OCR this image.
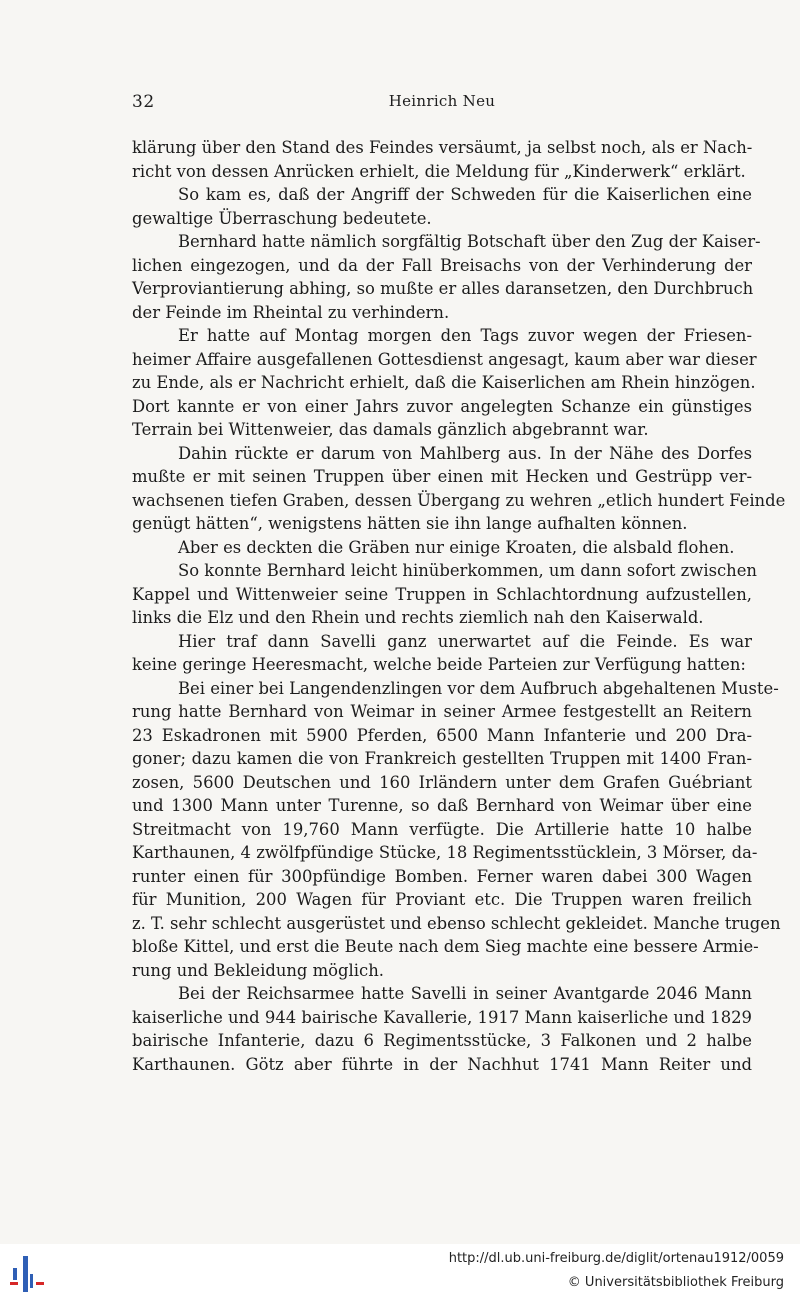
32	Heinrich Neu
klärung über den Stand des Feindes versäumt, ja selbst noch, als er Nach-
richt von dessen Anrücken erhielt, die Meldung für „Kinderwerk“ erklärt.
So kam es, daß der Angriff der Schweden für die Kaiserlichen eine
gewaltige Überraschung bedeutete.
Bernhard hatte nämlich sorgfältig Botschaft über den Zug der Kaiser-
lichen eingezogen, und da der Fall Breisachs von der Verhinderung der
Verproviantierung abhing, so mußte er alles daransetzen, den Durchbruch
der Feinde im Rheintal zu verhindern.
Er hatte auf Montag morgen den Tags zuvor wegen der Friesen-
heimer Affaire ausgefallenen Gottesdienst angesagt, kaum aber war dieser
zu Ende, als er Nachricht erhielt, daß die Kaiserlichen am Rhein hinzögen.
Dort kannte er von einer Jahrs zuvor angelegten Schanze ein günstiges
Terrain bei Wittenweier, das damals gänzlich abgebrannt war.
Dahin rückte er darum von Mahlberg aus. In der Nähe des Dorfes
mußte er mit seinen Truppen über einen mit Hecken und Gestrüpp ver-
wachsenen tiefen Graben, dessen Übergang zu wehren „etlich hundert Feinde
genügt hätten“, wenigstens hätten sie ihn lange aufhalten können.
Aber es deckten die Gräben nur einige Kroaten, die alsbald flohen.
So konnte Bernhard leicht hinüberkommen, um dann sofort zwischen
Kappel und Wittenweier seine Truppen in Schlachtordnung aufzustellen,
links die Elz und den Rhein und rechts ziemlich nah den Kaiserwald.
Hier traf dann Savelli ganz unerwartet auf die Feinde. Es war
keine geringe Heeresmacht, welche beide Parteien zur Verfügung hatten:
Bei einer bei Langendenzlingen vor dem Aufbruch abgehaltenen Muste-
rung hatte Bernhard von Weimar in seiner Armee festgestellt an Reitern
23 Eskadronen mit 5900 Pferden, 6500 Mann Infanterie und 200 Dra-
goner; dazu kamen die von Frankreich gestellten Truppen mit 1400 Fran-
zosen, 5600 Deutschen und 160 Irländern unter dem Grafen Guébriant
und 1300 Mann unter Turenne, so daß Bernhard von Weimar über eine
Streitmacht von 19,760 Mann verfügte. Die Artillerie hatte 10 halbe
Karthaunen, 4 zwölfpfündige Stücke, 18 Regimentsstücklein, 3 Mörser, da-
runter einen für 300pfündige Bomben. Ferner waren dabei 300 Wagen
für Munition, 200 Wagen für Proviant etc. Die Truppen waren freilich
z. T. sehr schlecht ausgerüstet und ebenso schlecht gekleidet. Manche trugen
bloße Kittel, und erst die Beute nach dem Sieg machte eine bessere Armie-
rung und Bekleidung möglich.
Bei der Reichsarmee hatte Savelli in seiner Avantgarde 2046 Mann
kaiserliche und 944 bairische Kavallerie, 1917 Mann kaiserliche und 1829
bairische Infanterie, dazu 6 Regimentsstücke, 3 Falkonen und 2 halbe
Karthaunen. Götz aber führte in der Nachhut 1741 Mann Reiter und
http://dl.ub.uni-freiburg.de/diglit/ortenau1912/0059
© Universitätsbibliothek Freiburg
